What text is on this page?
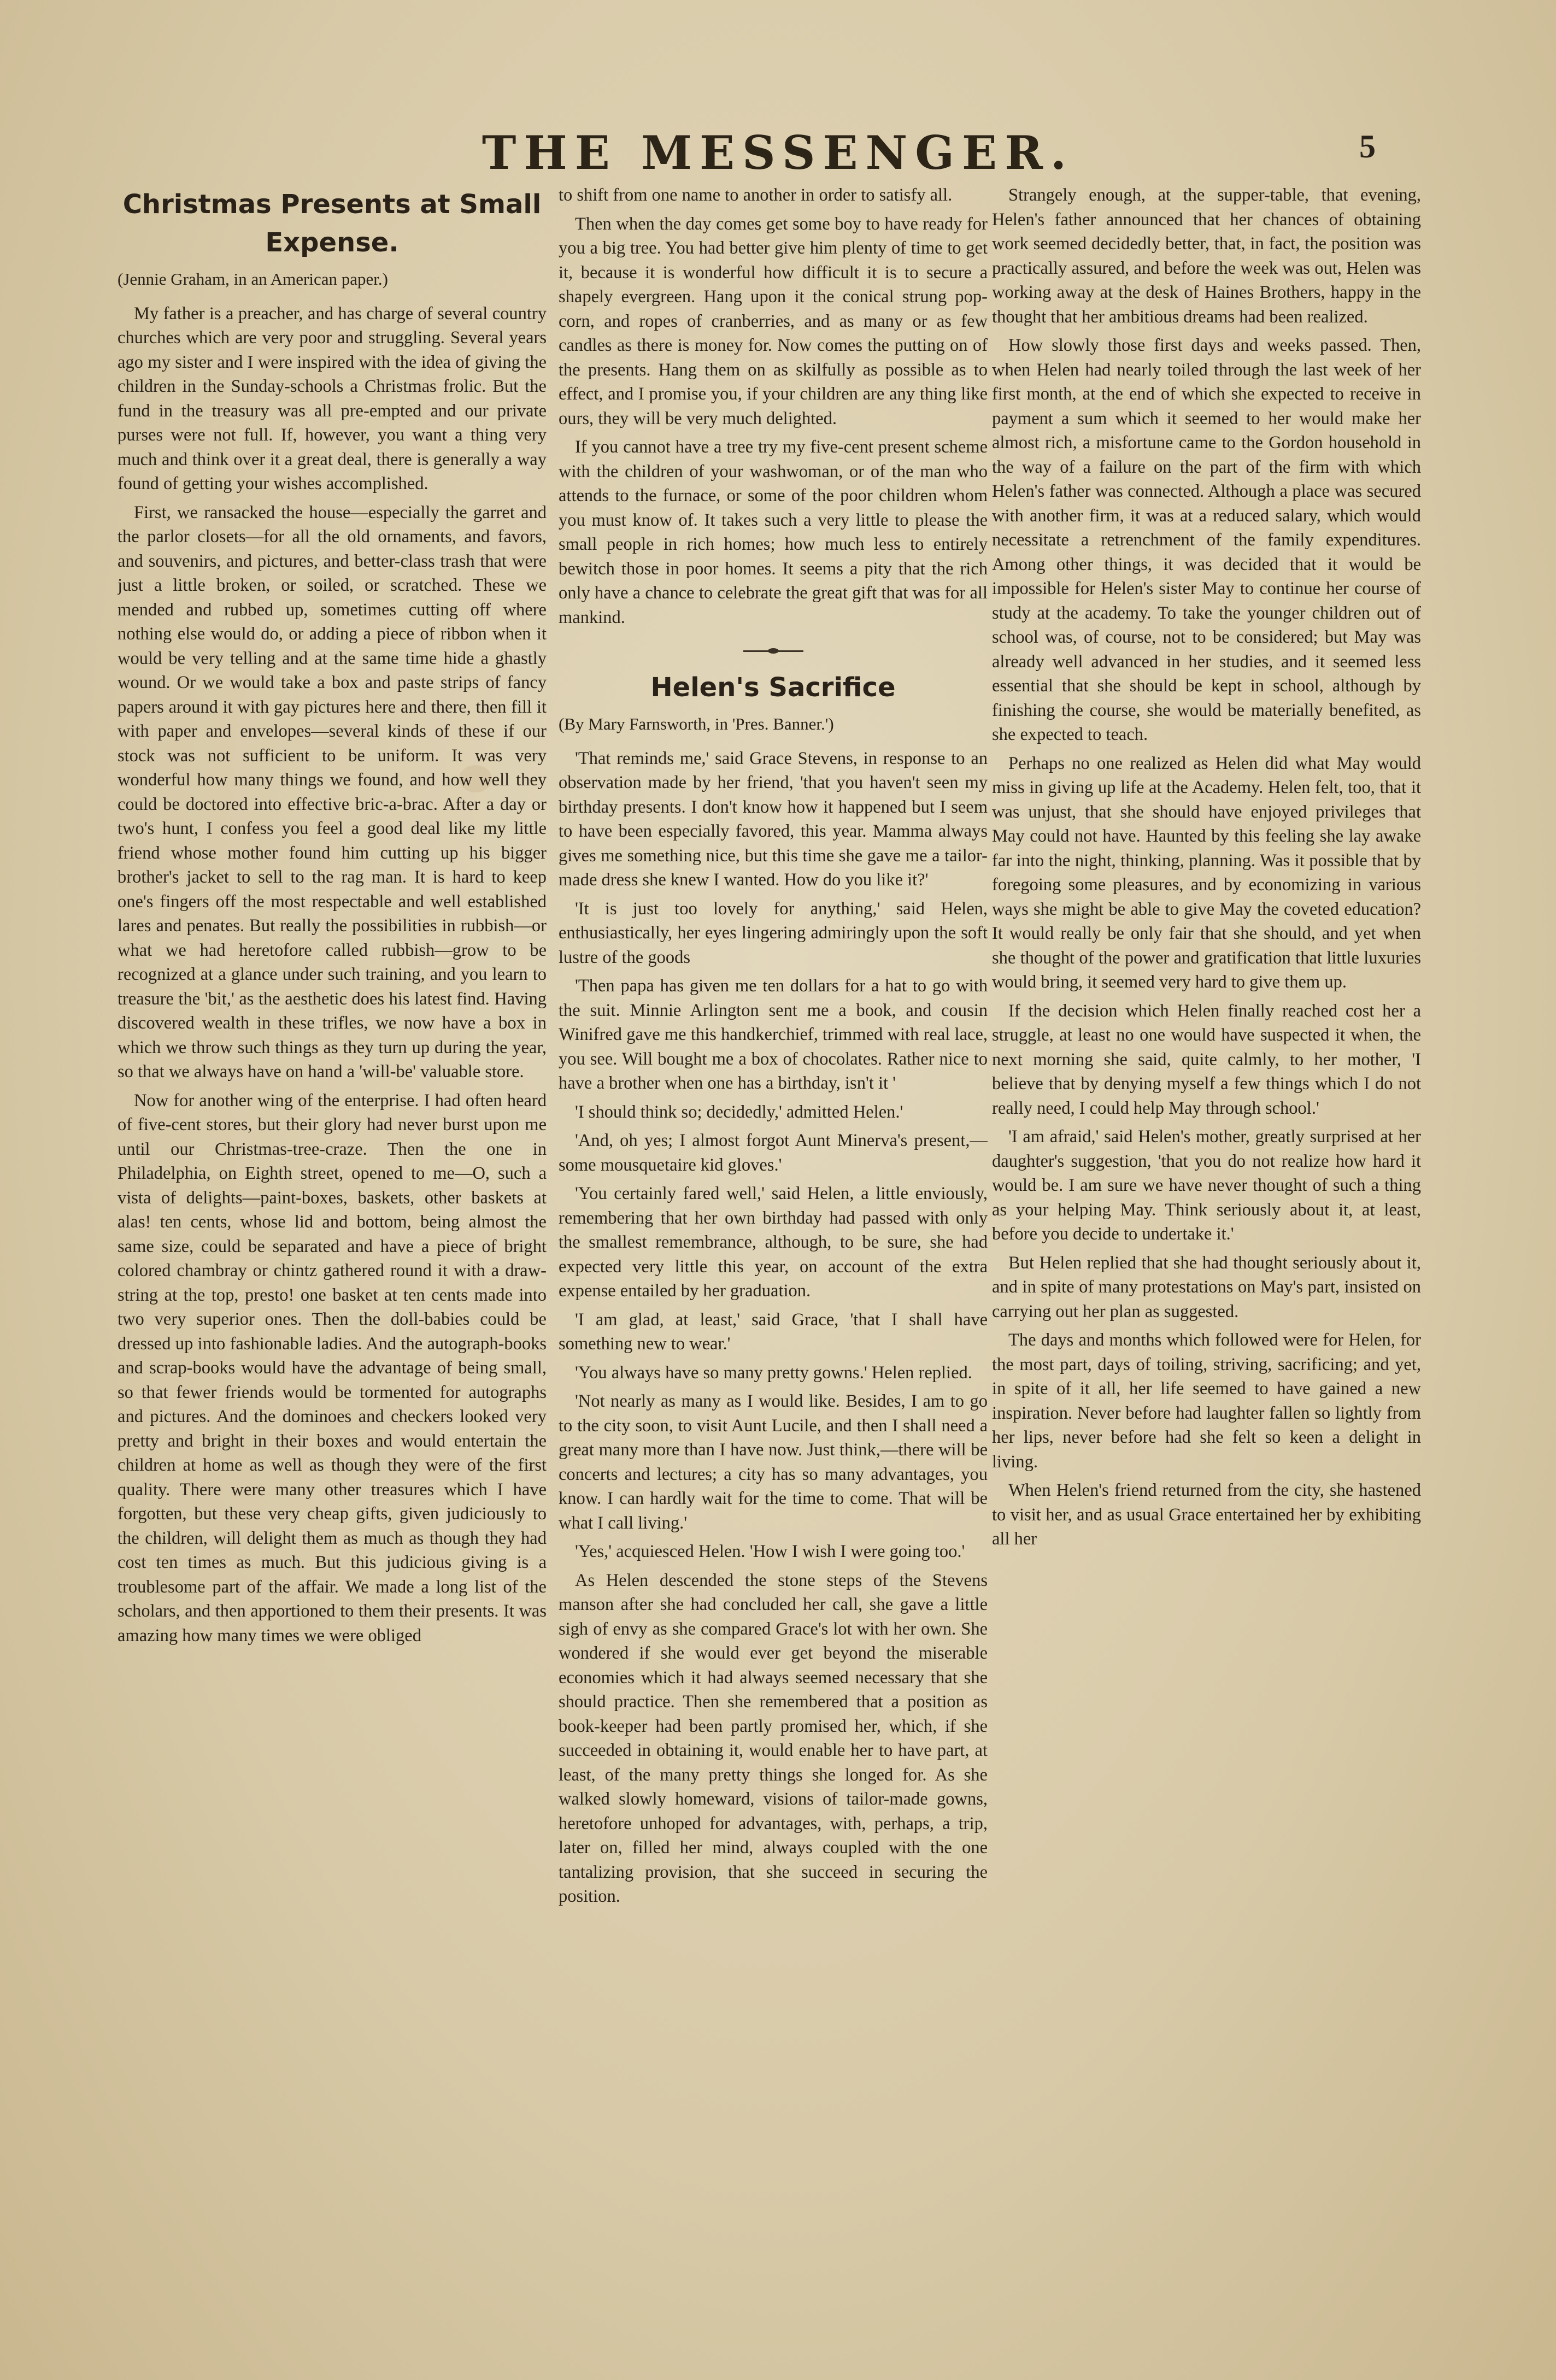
THE MESSENGER.	5
Christmas Presents at Small Expense.

(Jennie Graham, in an American paper.)

My father is a preacher, and has charge of several country churches which are very poor and struggling. Several years ago my sister and I were inspired with the idea of giving the children in the Sunday-schools a Christmas frolic. But the fund in the treasury was all pre-empted and our private purses were not full. If, however, you want a thing very much and think over it a great deal, there is generally a way found of getting your wishes accomplished.

First, we ransacked the house—especially the garret and the parlor closets—for all the old ornaments, and favors, and souvenirs, and pictures, and better-class trash that were just a little broken, or soiled, or scratched. These we mended and rubbed up, sometimes cutting off where nothing else would do, or adding a piece of ribbon when it would be very telling and at the same time hide a ghastly wound. Or we would take a box and paste strips of fancy papers around it with gay pictures here and there, then fill it with paper and envelopes—several kinds of these if our stock was not sufficient to be uniform. It was very wonderful how many things we found, and how well they could be doctored into effective bric-a-brac. After a day or two's hunt, I confess you feel a good deal like my little friend whose mother found him cutting up his bigger brother's jacket to sell to the rag man. It is hard to keep one's fingers off the most respectable and well established lares and penates. But really the possibilities in rubbish—or what we had heretofore called rubbish—grow to be recognized at a glance under such training, and you learn to treasure the 'bit,' as the aesthetic does his latest find. Having discovered wealth in these trifles, we now have a box in which we throw such things as they turn up during the year, so that we always have on hand a 'will-be' valuable store.

Now for another wing of the enterprise. I had often heard of five-cent stores, but their glory had never burst upon me until our Christmas-tree-craze. Then the one in Philadelphia, on Eighth street, opened to me—O, such a vista of delights—paint-boxes, baskets, other baskets at alas! ten cents, whose lid and bottom, being almost the same size, could be separated and have a piece of bright colored chambray or chintz gathered round it with a draw-string at the top, presto! one basket at ten cents made into two very superior ones. Then the doll-babies could be dressed up into fashionable ladies. And the autograph-books and scrap-books would have the advantage of being small, so that fewer friends would be tormented for autographs and pictures. And the dominoes and checkers looked very pretty and bright in their boxes and would entertain the children at home as well as though they were of the first quality. There were many other treasures which I have forgotten, but these very cheap gifts, given judiciously to the children, will delight them as much as though they had cost ten times as much. But this judicious giving is a troublesome part of the affair. We made a long list of the scholars, and then apportioned to them their presents. It was amazing how many times we were obliged

to shift from one name to another in order to satisfy all.

Then when the day comes get some boy to have ready for you a big tree. You had better give him plenty of time to get it, because it is wonderful how difficult it is to secure a shapely evergreen. Hang upon it the conical strung pop-corn, and ropes of cranberries, and as many or as few candles as there is money for. Now comes the putting on of the presents. Hang them on as skilfully as possible as to effect, and I promise you, if your children are any thing like ours, they will be very much delighted.

If you cannot have a tree try my five-cent present scheme with the children of your washwoman, or of the man who attends to the furnace, or some of the poor children whom you must know of. It takes such a very little to please the small people in rich homes; how much less to entirely bewitch those in poor homes. It seems a pity that the rich only have a chance to celebrate the great gift that was for all mankind.

Helen's Sacrifice

(By Mary Farnsworth, in 'Pres. Banner.')

'That reminds me,' said Grace Stevens, in response to an observation made by her friend, 'that you haven't seen my birthday presents. I don't know how it happened but I seem to have been especially favored, this year. Mamma always gives me something nice, but this time she gave me a tailor-made dress she knew I wanted. How do you like it?'

'It is just too lovely for anything,' said Helen, enthusiastically, her eyes lingering admiringly upon the soft lustre of the goods

'Then papa has given me ten dollars for a hat to go with the suit. Minnie Arlington sent me a book, and cousin Winifred gave me this handkerchief, trimmed with real lace, you see. Will bought me a box of chocolates. Rather nice to have a brother when one has a birthday, isn't it '

'I should think so; decidedly,' admitted Helen.'

'And, oh yes; I almost forgot Aunt Minerva's present,—some mousquetaire kid gloves.'

'You certainly fared well,' said Helen, a little enviously, remembering that her own birthday had passed with only the smallest remembrance, although, to be sure, she had expected very little this year, on account of the extra expense entailed by her graduation.

'I am glad, at least,' said Grace, 'that I shall have something new to wear.'

'You always have so many pretty gowns.' Helen replied.

'Not nearly as many as I would like. Besides, I am to go to the city soon, to visit Aunt Lucile, and then I shall need a great many more than I have now. Just think,—there will be concerts and lectures; a city has so many advantages, you know. I can hardly wait for the time to come. That will be what I call living.'

'Yes,' acquiesced Helen. 'How I wish I were going too.'

As Helen descended the stone steps of the Stevens manson after she had concluded her call, she gave a little sigh of envy as she compared Grace's lot with her own. She wondered if she would ever get beyond the miserable economies which it had always seemed necessary that she should practice. Then she remembered that a position as book-keeper had been partly promised her, which, if she succeeded in obtaining it, would enable her to have part, at least, of the many pretty things she longed for. As she walked slowly homeward, visions of tailor-made gowns, heretofore unhoped for advantages, with, perhaps, a trip, later on, filled her mind, always coupled with the one tantalizing provision, that she succeed in securing the position.

Strangely enough, at the supper-table, that evening, Helen's father announced that her chances of obtaining work seemed decidedly better, that, in fact, the position was practically assured, and before the week was out, Helen was working away at the desk of Haines Brothers, happy in the thought that her ambitious dreams had been realized.

How slowly those first days and weeks passed. Then, when Helen had nearly toiled through the last week of her first month, at the end of which she expected to receive in payment a sum which it seemed to her would make her almost rich, a misfortune came to the Gordon household in the way of a failure on the part of the firm with which Helen's father was connected. Although a place was secured with another firm, it was at a reduced salary, which would necessitate a retrenchment of the family expenditures. Among other things, it was decided that it would be impossible for Helen's sister May to continue her course of study at the academy. To take the younger children out of school was, of course, not to be considered; but May was already well advanced in her studies, and it seemed less essential that she should be kept in school, although by finishing the course, she would be materially benefited, as she expected to teach.

Perhaps no one realized as Helen did what May would miss in giving up life at the Academy. Helen felt, too, that it was unjust, that she should have enjoyed privileges that May could not have. Haunted by this feeling she lay awake far into the night, thinking, planning. Was it possible that by foregoing some pleasures, and by economizing in various ways she might be able to give May the coveted education? It would really be only fair that she should, and yet when she thought of the power and gratification that little luxuries would bring, it seemed very hard to give them up.

If the decision which Helen finally reached cost her a struggle, at least no one would have suspected it when, the next morning she said, quite calmly, to her mother, 'I believe that by denying myself a few things which I do not really need, I could help May through school.'

'I am afraid,' said Helen's mother, greatly surprised at her daughter's suggestion, 'that you do not realize how hard it would be. I am sure we have never thought of such a thing as your helping May. Think seriously about it, at least, before you decide to undertake it.'

But Helen replied that she had thought seriously about it, and in spite of many protestations on May's part, insisted on carrying out her plan as suggested.

The days and months which followed were for Helen, for the most part, days of toiling, striving, sacrificing; and yet, in spite of it all, her life seemed to have gained a new inspiration. Never before had laughter fallen so lightly from her lips, never before had she felt so keen a delight in living.

When Helen's friend returned from the city, she hastened to visit her, and as usual Grace entertained her by exhibiting all her
